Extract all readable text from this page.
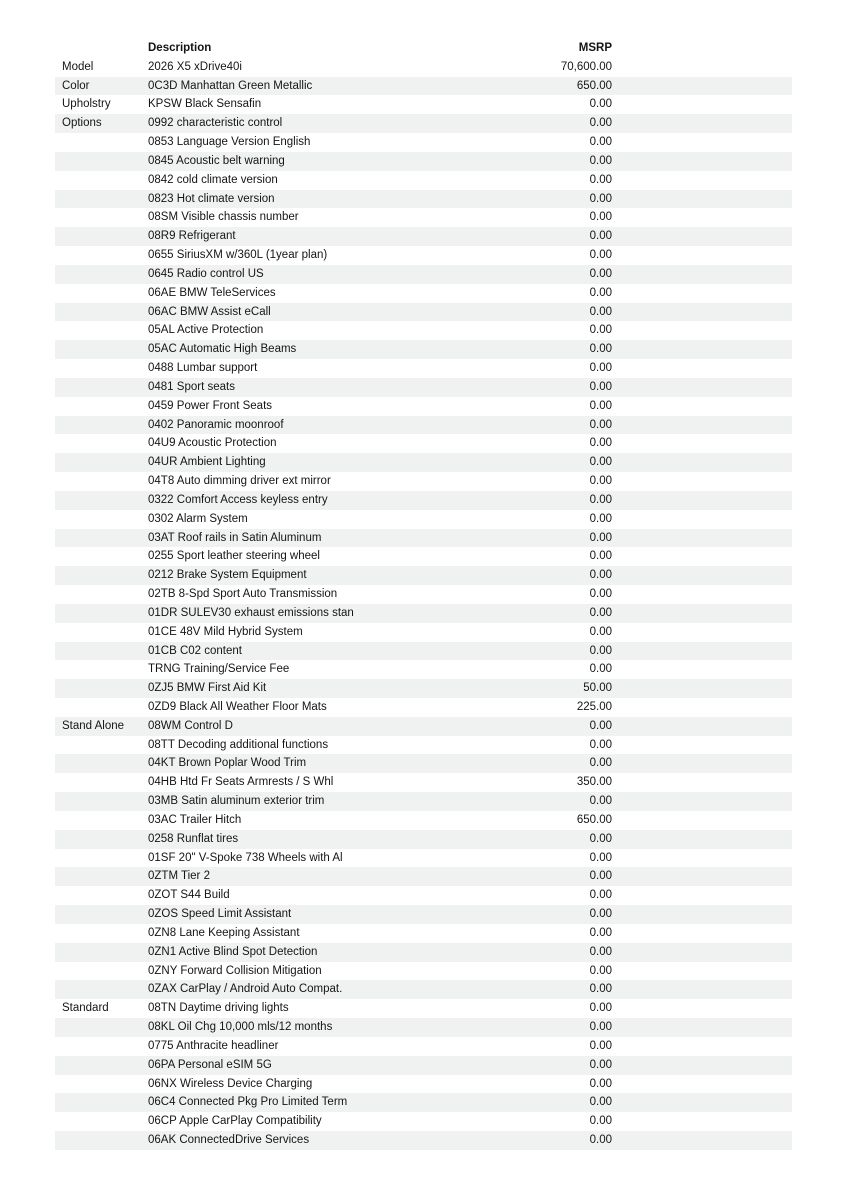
Description	MSRP
Model	2026 X5 xDrive40i	70,600.00
Color	0C3D Manhattan Green Metallic	650.00
Upholstry	KPSW Black Sensafin	0.00
Options	0992 characteristic control	0.00
0853 Language Version English	0.00
0845 Acoustic belt warning	0.00
0842 cold climate version	0.00
0823 Hot climate version	0.00
08SM Visible chassis number	0.00
08R9 Refrigerant	0.00
0655 SiriusXM w/360L (1year plan)	0.00
0645 Radio control US	0.00
06AE BMW TeleServices	0.00
06AC BMW Assist eCall	0.00
05AL Active Protection	0.00
05AC Automatic High Beams	0.00
0488 Lumbar support	0.00
0481 Sport seats	0.00
0459 Power Front Seats	0.00
0402 Panoramic moonroof	0.00
04U9 Acoustic Protection	0.00
04UR Ambient Lighting	0.00
04T8 Auto dimming driver ext mirror	0.00
0322 Comfort Access keyless entry	0.00
0302 Alarm System	0.00
03AT Roof rails in Satin Aluminum	0.00
0255 Sport leather steering wheel	0.00
0212 Brake System Equipment	0.00
02TB 8-Spd Sport Auto Transmission	0.00
01DR SULEV30 exhaust emissions stan	0.00
01CE 48V Mild Hybrid System	0.00
01CB C02 content	0.00
TRNG Training/Service Fee	0.00
0ZJ5 BMW First Aid Kit	50.00
0ZD9 Black All Weather Floor Mats	225.00
Stand Alone	08WM Control D	0.00
08TT Decoding additional functions	0.00
04KT Brown Poplar Wood Trim	0.00
04HB Htd Fr Seats Armrests / S Whl	350.00
03MB Satin aluminum exterior trim	0.00
03AC Trailer Hitch	650.00
0258 Runflat tires	0.00
01SF 20" V-Spoke 738 Wheels with Al	0.00
0ZTM Tier 2	0.00
0ZOT S44 Build	0.00
0ZOS Speed Limit Assistant	0.00
0ZN8 Lane Keeping Assistant	0.00
0ZN1 Active Blind Spot Detection	0.00
0ZNY Forward Collision Mitigation	0.00
0ZAX CarPlay / Android Auto Compat.	0.00
Standard	08TN Daytime driving lights	0.00
08KL Oil Chg 10,000 mls/12 months	0.00
0775 Anthracite headliner	0.00
06PA Personal eSIM 5G	0.00
06NX Wireless Device Charging	0.00
06C4 Connected Pkg Pro Limited Term	0.00
06CP Apple CarPlay Compatibility	0.00
06AK ConnectedDrive Services	0.00
